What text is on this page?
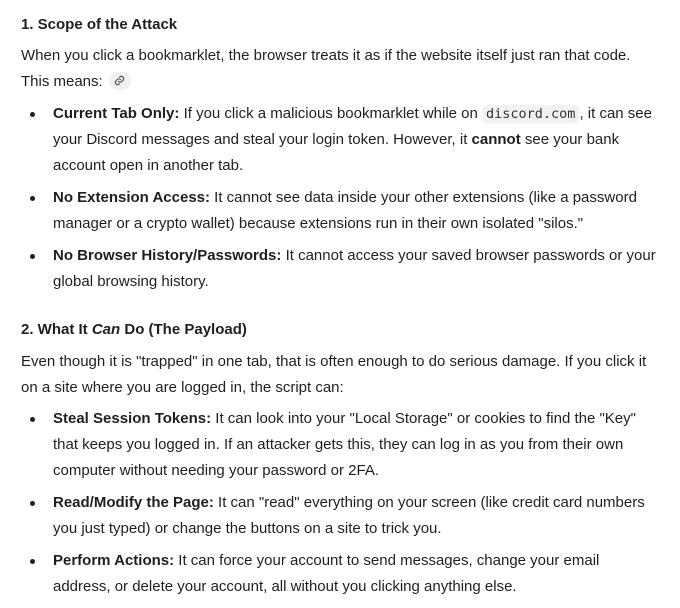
1. Scope of the Attack

When you click a bookmarklet, the browser treats it as if the website itself just ran that code. This means:

Current Tab Only: If you click a malicious bookmarklet while on discord.com , it can see your Discord messages and steal your login token. However, it cannot see your bank account open in another tab.
No Extension Access: It cannot see data inside your other extensions (like a password manager or a crypto wallet) because extensions run in their own isolated "silos."
No Browser History/Passwords: It cannot access your saved browser passwords or your global browsing history.
2. What It Can Do (The Payload)

Even though it is "trapped" in one tab, that is often enough to do serious damage. If you click it on a site where you are logged in, the script can:

Steal Session Tokens: It can look into your "Local Storage" or cookies to find the "Key" that keeps you logged in. If an attacker gets this, they can log in as you from their own computer without needing your password or 2FA.
Read/Modify the Page: It can "read" everything on your screen (like credit card numbers you just typed) or change the buttons on a site to trick you.
Perform Actions: It can force your account to send messages, change your email address, or delete your account, all without you clicking anything else.
